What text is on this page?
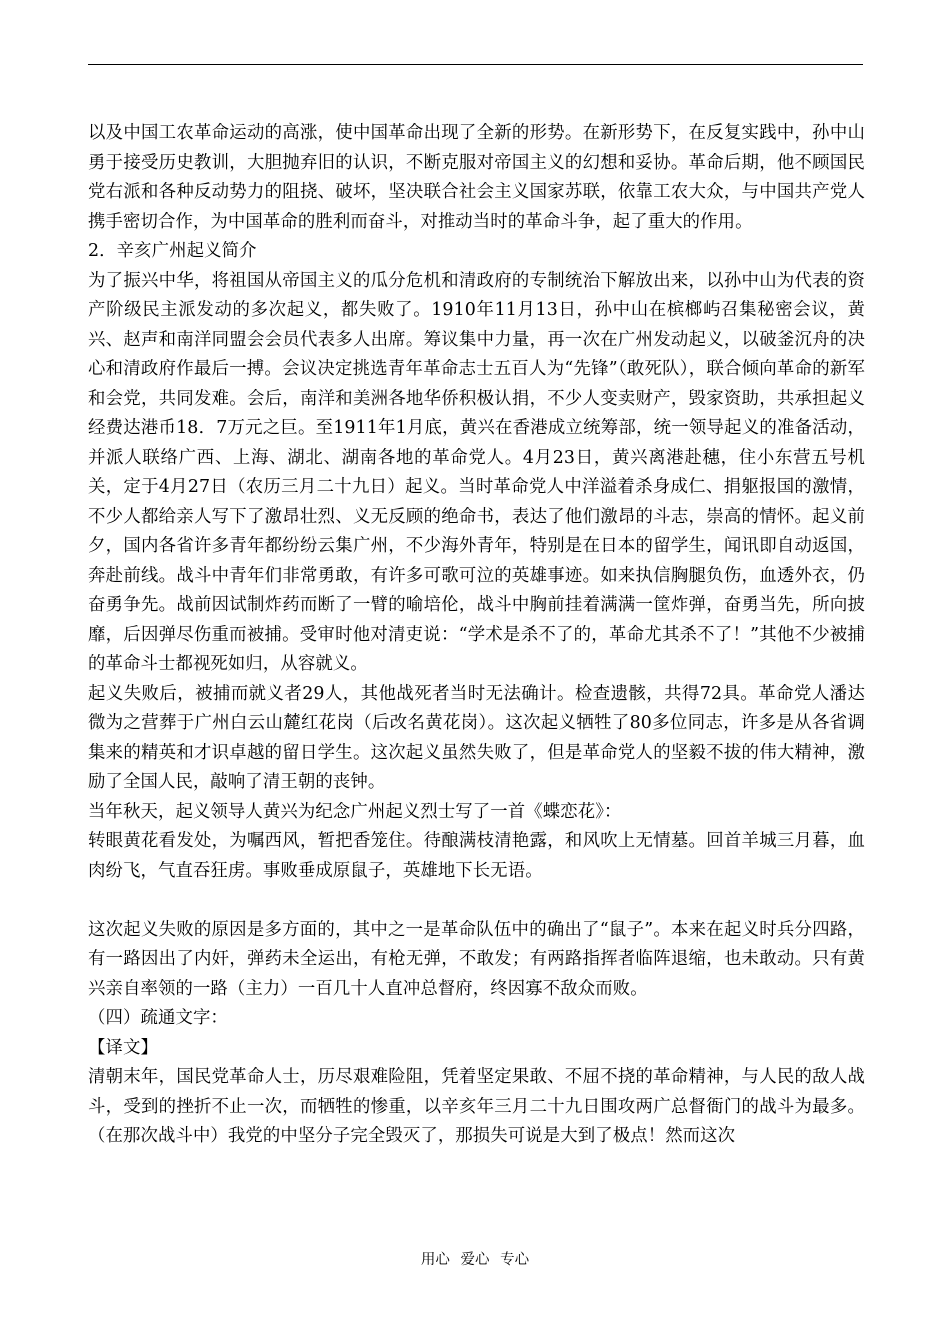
以及中国工农革命运动的高涨，使中国革命出现了全新的形势。在新形势下，在反复实践中，孙中山勇于接受历史教训，大胆抛弃旧的认识，不断克服对帝国主义的幻想和妥协。革命后期，他不顾国民党右派和各种反动势力的阻挠、破坏，坚决联合社会主义国家苏联，依靠工农大众，与中国共产党人携手密切合作，为中国革命的胜利而奋斗，对推动当时的革命斗争，起了重大的作用。

2．辛亥广州起义简介

为了振兴中华，将祖国从帝国主义的瓜分危机和清政府的专制统治下解放出来，以孙中山为代表的资产阶级民主派发动的多次起义，都失败了。1910年11月13日，孙中山在槟榔屿召集秘密会议，黄兴、赵声和南洋同盟会会员代表多人出席。筹议集中力量，再一次在广州发动起义，以破釜沉舟的决心和清政府作最后一搏。会议决定挑选青年革命志士五百人为“先锋”（敢死队），联合倾向革命的新军和会党，共同发难。会后，南洋和美洲各地华侨积极认捐，不少人变卖财产，毁家资助，共承担起义经费达港币18．7万元之巨。至1911年1月底，黄兴在香港成立统筹部，统一领导起义的准备活动，并派人联络广西、上海、湖北、湖南各地的革命党人。4月23日，黄兴离港赴穗，住小东营五号机关，定于4月27日（农历三月二十九日）起义。当时革命党人中洋溢着杀身成仁、捐躯报国的激情，不少人都给亲人写下了激昂壮烈、义无反顾的绝命书，表达了他们激昂的斗志，崇高的情怀。起义前夕，国内各省许多青年都纷纷云集广州，不少海外青年，特别是在日本的留学生，闻讯即自动返国，奔赴前线。战斗中青年们非常勇敢，有许多可歌可泣的英雄事迹。如来执信胸腿负伤，血透外衣，仍奋勇争先。战前因试制炸药而断了一臂的喻培伦，战斗中胸前挂着满满一筐炸弹，奋勇当先，所向披靡，后因弹尽伤重而被捕。受审时他对清吏说：“学术是杀不了的，革命尤其杀不了！”其他不少被捕的革命斗士都视死如归，从容就义。

起义失败后，被捕而就义者29人，其他战死者当时无法确计。检查遗骸，共得72具。革命党人潘达微为之营葬于广州白云山麓红花岗（后改名黄花岗）。这次起义牺牲了80多位同志，许多是从各省调集来的精英和才识卓越的留日学生。这次起义虽然失败了，但是革命党人的坚毅不拔的伟大精神，激励了全国人民，敲响了清王朝的丧钟。

当年秋天，起义领导人黄兴为纪念广州起义烈士写了一首《蝶恋花》：

转眼黄花看发处，为嘱西风，暂把香笼住。待酿满枝清艳露，和风吹上无情墓。回首羊城三月暮，血肉纷飞，气直吞狂虏。事败垂成原鼠子，英雄地下长无语。

这次起义失败的原因是多方面的，其中之一是革命队伍中的确出了“鼠子”。本来在起义时兵分四路，有一路因出了内奸，弹药未全运出，有枪无弹，不敢发；有两路指挥者临阵退缩，也未敢动。只有黄兴亲自率领的一路（主力）一百几十人直冲总督府，终因寡不敌众而败。

（四）疏通文字：

【译文】

清朝末年，国民党革命人士，历尽艰难险阻，凭着坚定果敢、不屈不挠的革命精神，与人民的敌人战斗，受到的挫折不止一次，而牺牲的惨重，以辛亥年三月二十九日围攻两广总督衙门的战斗为最多。（在那次战斗中）我党的中坚分子完全毁灭了，那损失可说是大到了极点！然而这次

用心 爱心 专心
